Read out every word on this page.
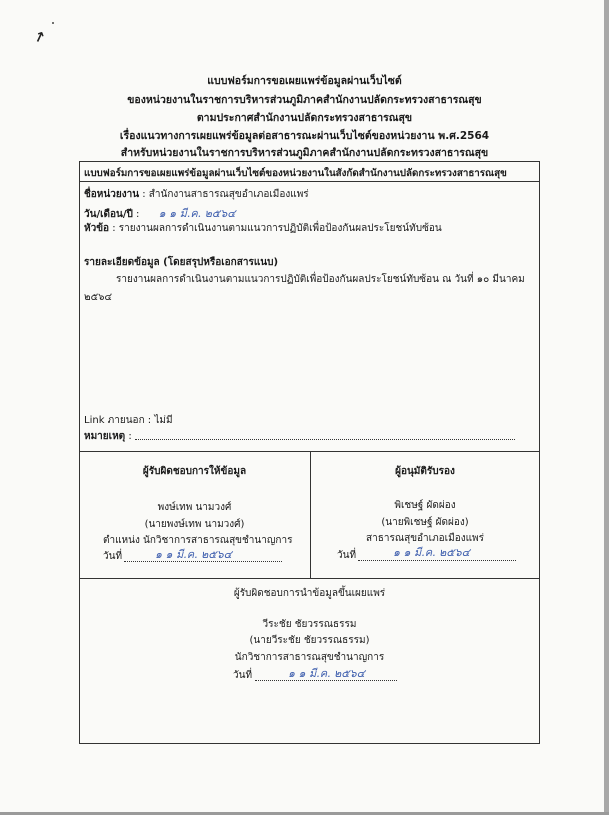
↗
แบบฟอร์มการขอเผยแพร่ข้อมูลผ่านเว็บไซต์
ของหน่วยงานในราชการบริหารส่วนภูมิภาคสำนักงานปลัดกระทรวงสาธารณสุข
ตามประกาศสำนักงานปลัดกระทรวงสาธารณสุข
เรื่องแนวทางการเผยแพร่ข้อมูลต่อสาธารณะผ่านเว็บไซต์ของหน่วยงาน พ.ศ.2564
สำหรับหน่วยงานในราชการบริหารส่วนภูมิภาคสำนักงานปลัดกระทรวงสาธารณสุข
แบบฟอร์มการขอเผยแพร่ข้อมูลผ่านเว็บไซต์ของหน่วยงานในสังกัดสำนักงานปลัดกระทรวงสาธารณสุข
ชื่อหน่วยงาน : สำนักงานสาธารณสุขอำเภอเมืองแพร่
วัน/เดือน/ปี : ๑ ๑ มี.ค. ๒๕๖๔
หัวข้อ : รายงานผลการดำเนินงานตามแนวการปฏิบัติเพื่อป้องกันผลประโยชน์ทับซ้อน
รายละเอียดข้อมูล (โดยสรุปหรือเอกสารแนบ)
รายงานผลการดำเนินงานตามแนวการปฏิบัติเพื่อป้องกันผลประโยชน์ทับซ้อน ณ วันที่ ๑๐ มีนาคม
๒๕๖๔
Link ภายนอก : ไม่มี
หมายเหตุ :
ผู้รับผิดชอบการให้ข้อมูล
พงษ์เทพ นามวงศ์
(นายพงษ์เทพ นามวงศ์)
ตำแหน่ง นักวิชาการสาธารณสุขชำนาญการ
วันที่	๑ ๑ มี.ค. ๒๕๖๔
ผู้อนุมัติรับรอง
พิเชษฐ์ ผัดผ่อง
(นายพิเชษฐ์ ผัดผ่อง)
สาธารณสุขอำเภอเมืองแพร่
วันที่	๑ ๑ มี.ค. ๒๕๖๔
ผู้รับผิดชอบการนำข้อมูลขึ้นเผยแพร่
วีระชัย ชัยวรรณธรรม
(นายวีระชัย ชัยวรรณธรรม)
นักวิชาการสาธารณสุขชำนาญการ
วันที่	๑ ๑ มี.ค. ๒๕๖๔
